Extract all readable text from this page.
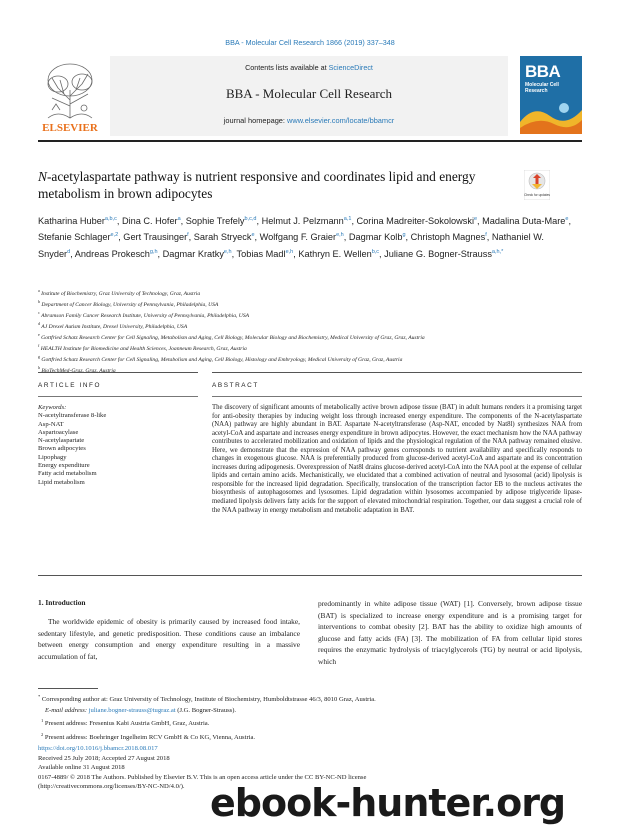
BBA - Molecular Cell Research 1866 (2019) 337–348
ELSEVIER
Contents lists available at ScienceDirect
BBA - Molecular Cell Research
journal homepage: www.elsevier.com/locate/bbamcr
BBA
Molecular Cell Research
N-acetylaspartate pathway is nutrient responsive and coordinates lipid and energy metabolism in brown adipocytes	Check for updates
Katharina Huber$^{a,b,c}$, Dina C. Hofer$^a$, Sophie Trefely$^{b,c,d}$, Helmut J. Pelzmann$^{a,1}$, Corina Madreiter-Sokolowski$^e$, Madalina Duta-Mare$^e$, Stefanie Schlager$^{e,2}$, Gert Trausinger$^f$, Sarah Stryeck$^e$, Wolfgang F. Graier$^{e,h}$, Dagmar Kolb$^g$, Christoph Magnes$^f$, Nathaniel W. Snyder$^d$, Andreas Prokesch$^{g,h}$, Dagmar Kratky$^{e,h}$, Tobias Madl$^{e,h}$, Kathryn E. Wellen$^{b,c}$, Juliane G. Bogner-Strauss$^{a,h,*}$
$^a$ Institute of Biochemistry, Graz University of Technology, Graz, Austria
$^b$ Department of Cancer Biology, University of Pennsylvania, Philadelphia, USA
$^c$ Abramson Family Cancer Research Institute, University of Pennsylvania, Philadelphia, USA
$^d$ AJ Drexel Autism Institute, Drexel University, Philadelphia, USA
$^e$ Gottfried Schatz Research Center for Cell Signaling, Metabolism and Aging, Cell Biology, Molecular Biology and Biochemistry, Medical University of Graz, Graz, Austria
$^f$ HEALTH Institute for Biomedicine and Health Sciences, Joanneum Research, Graz, Austria
$^g$ Gottfried Schatz Research Center for Cell Signaling, Metabolism and Aging, Cell Biology, Histology and Embryology, Medical University of Graz, Graz, Austria
$^h$ BioTechMed-Graz, Graz, Austria
ARTICLE INFO	ABSTRACT
Keywords:
N-acetyltransferase 8-like
Asp-NAT
Aspartoacylase
N-acetylaspartate
Brown adipocytes
Lipophagy
Energy expenditure
Fatty acid metabolism
Lipid metabolism
The discovery of significant amounts of metabolically active brown adipose tissue (BAT) in adult humans renders it a promising target for anti-obesity therapies by inducing weight loss through increased energy expenditure. The components of the N-acetylaspartate (NAA) pathway are highly abundant in BAT. Aspartate N-acetyltransferase (Asp-NAT, encoded by Nat8l) synthesizes NAA from acetyl-CoA and aspartate and increases energy expenditure in brown adipocytes. However, the exact mechanism how the NAA pathway contributes to accelerated mobilization and oxidation of lipids and the physiological regulation of the NAA pathway remained elusive. Here, we demonstrate that the expression of NAA pathway genes corresponds to nutrient availability and specifically responds to changes in exogenous glucose. NAA is preferentially produced from glucose-derived acetyl-CoA and aspartate and its concentration increases during adipogenesis. Overexpression of Nat8l drains glucose-derived acetyl-CoA into the NAA pool at the expense of cellular lipids and certain amino acids. Mechanistically, we elucidated that a combined activation of neutral and lysosomal (acid) lipolysis is responsible for the increased lipid degradation. Specifically, translocation of the transcription factor EB to the nucleus activates the biosynthesis of autophagosomes and lysosomes. Lipid degradation within lysosomes accompanied by adipose triglyceride lipase-mediated lipolysis delivers fatty acids for the support of elevated mitochondrial respiration. Together, our data suggest a crucial role of the NAA pathway in energy metabolism and metabolic adaptation in BAT.
1. Introduction
The worldwide epidemic of obesity is primarily caused by increased food intake, sedentary lifestyle, and genetic predisposition. These conditions cause an imbalance between energy consumption and energy expenditure resulting in a massive accumulation of fat,
predominantly in white adipose tissue (WAT) [1]. Conversely, brown adipose tissue (BAT) is specialized to increase energy expenditure and is a promising target for interventions to combat obesity [2]. BAT has the ability to oxidize high amounts of glucose and fatty acids (FA) [3]. The mobilization of FA from cellular lipid stores requires the enzymatic hydrolysis of triacylglycerols (TG) by neutral or acid lipolysis, which
* Corresponding author at: Graz University of Technology, Institute of Biochemistry, Humboldtstrasse 46/3, 8010 Graz, Austria.
E-mail address: juliane.bogner-strauss@tugraz.at (J.G. Bogner-Strauss).
$^1$ Present address: Fresenius Kabi Austria GmbH, Graz, Austria.
$^2$ Present address: Boehringer Ingelheim RCV GmbH & Co KG, Vienna, Austria.
https://doi.org/10.1016/j.bbamcr.2018.08.017
Received 25 July 2018; Accepted 27 August 2018
Available online 31 August 2018
0167-4889/ © 2018 The Authors. Published by Elsevier B.V. This is an open access article under the CC BY-NC-ND license
(http://creativecommons.org/licenses/BY-NC-ND/4.0/). ebook-hunter.org
